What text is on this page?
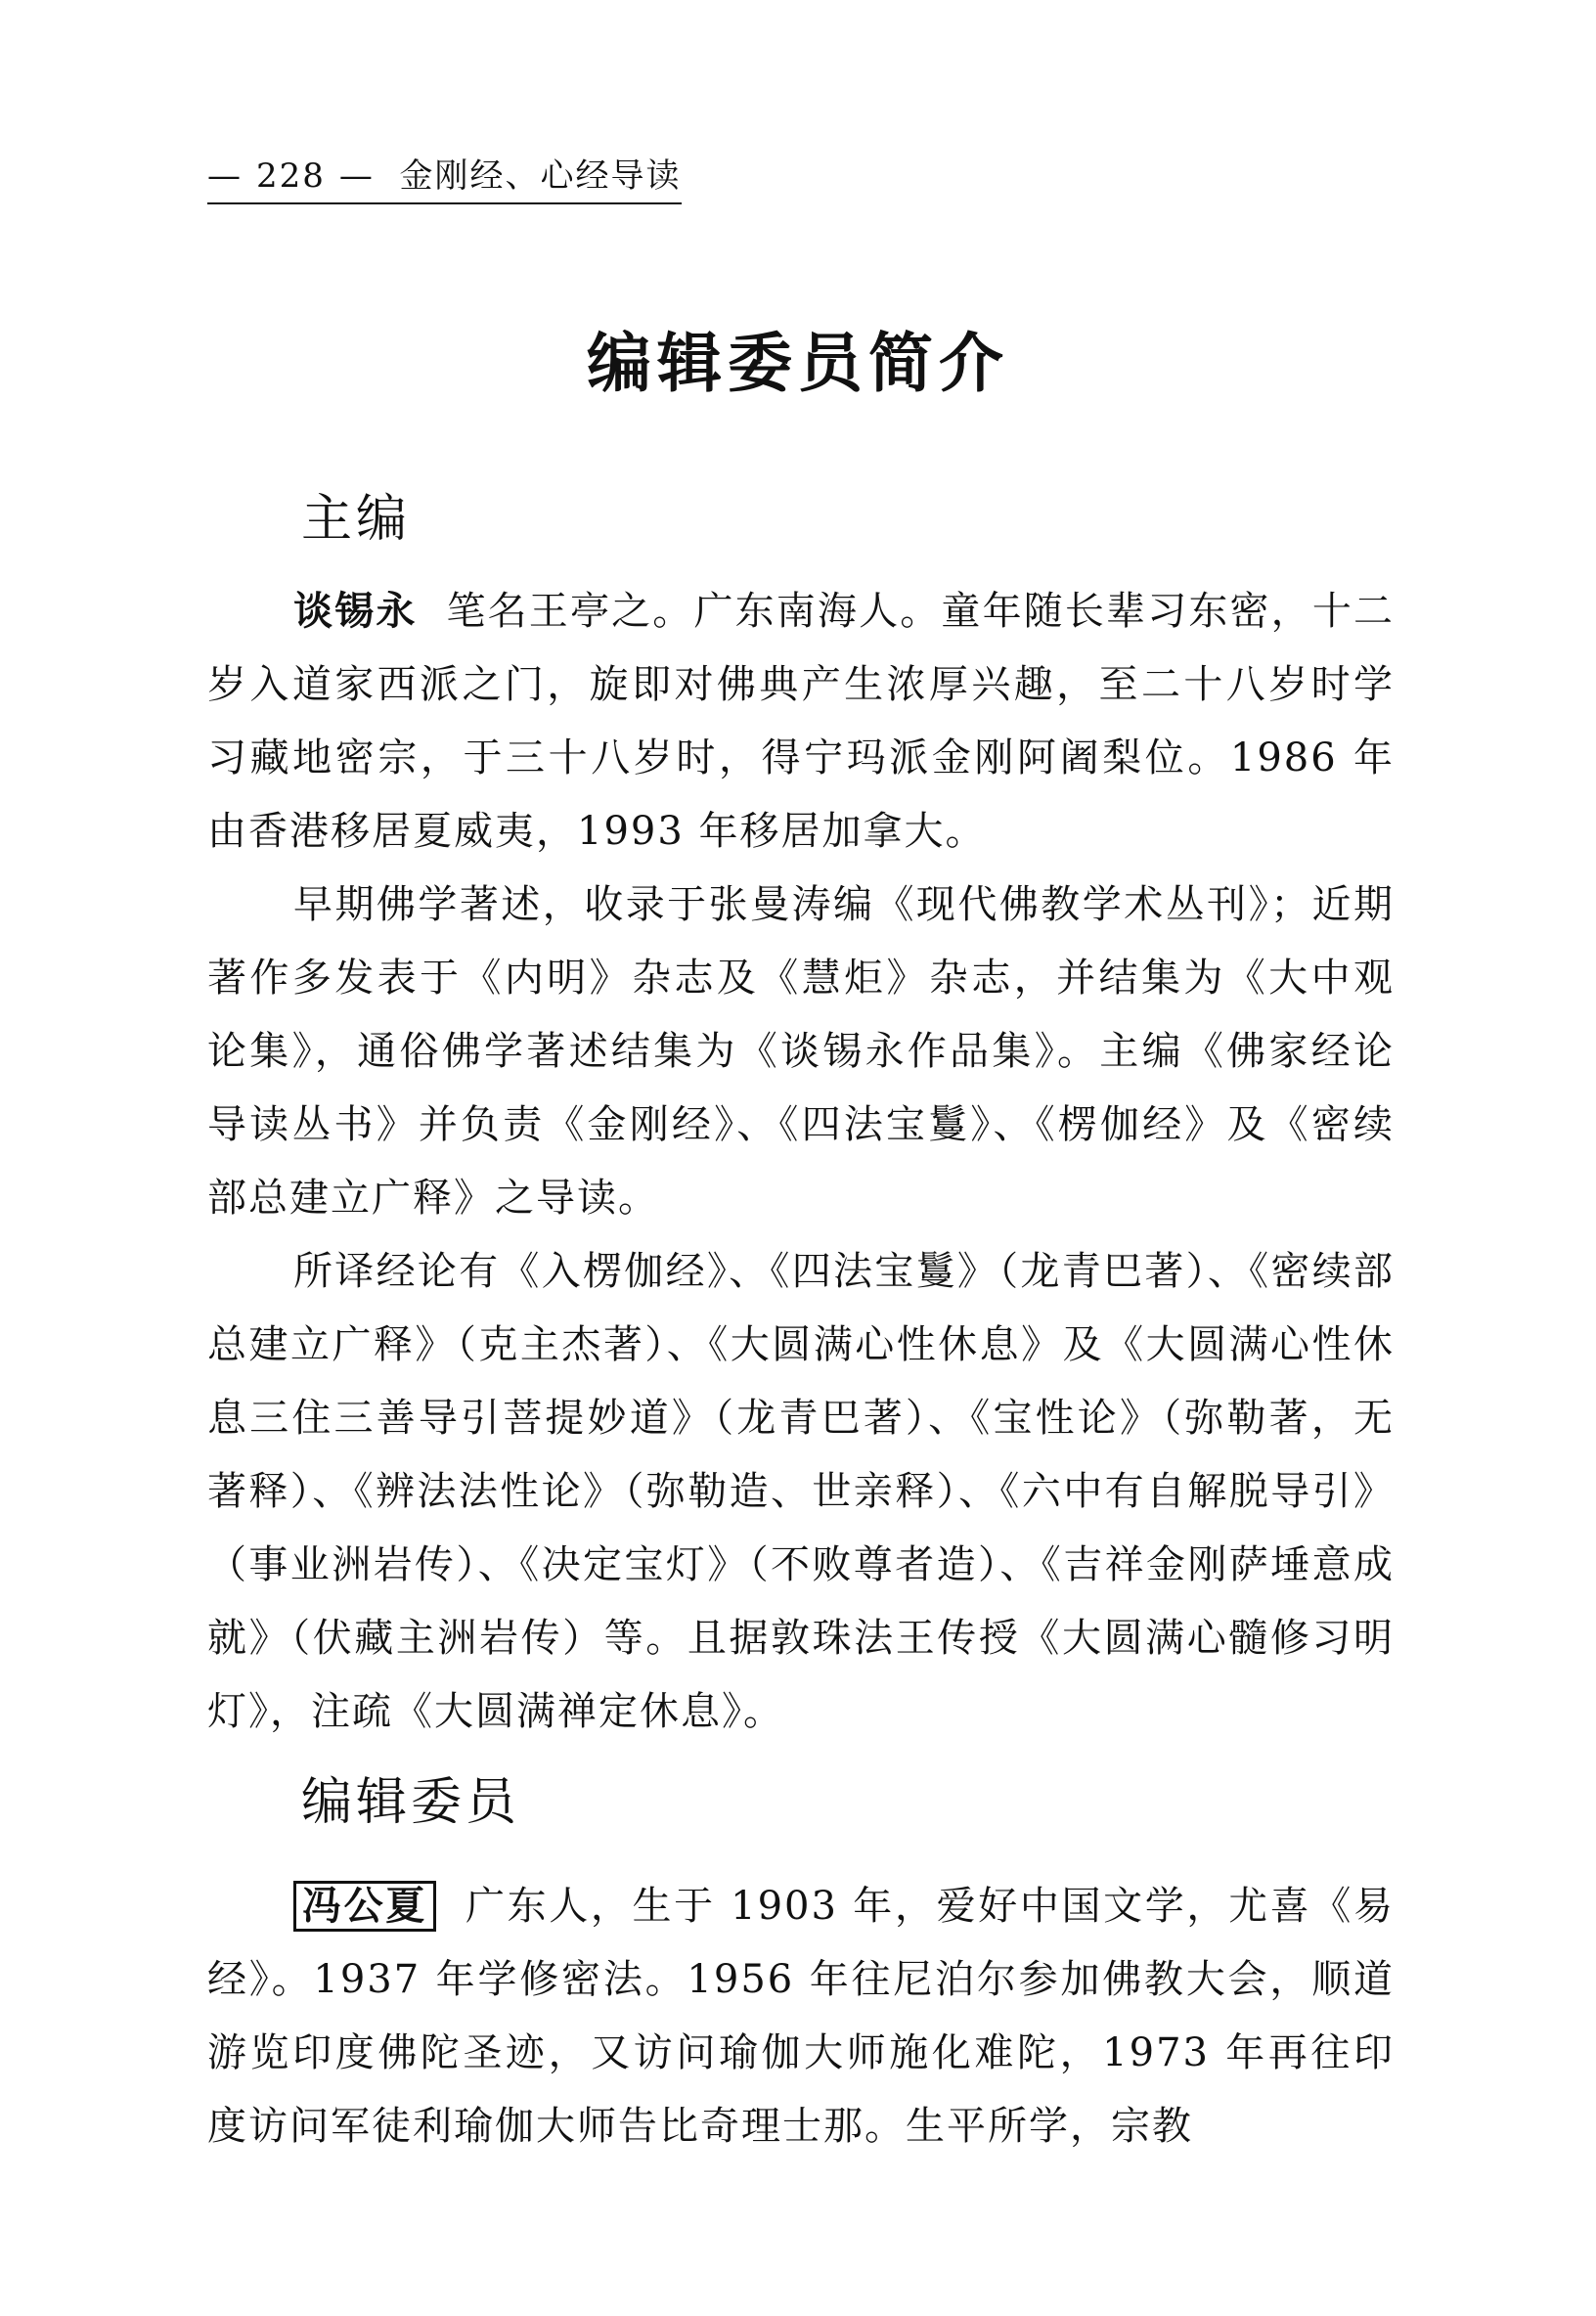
— 228 — 金刚经、心经导读
编辑委员简介
主编

谈锡永 笔名王亭之。广东南海人。童年随长辈习东密，十二岁入道家西派之门，旋即对佛典产生浓厚兴趣，至二十八岁时学习藏地密宗，于三十八岁时，得宁玛派金刚阿阇梨位。1986 年由香港移居夏威夷，1993 年移居加拿大。

早期佛学著述，收录于张曼涛编《现代佛教学术丛刊》；近期著作多发表于《内明》杂志及《慧炬》杂志，并结集为《大中观论集》，通俗佛学著述结集为《谈锡永作品集》。主编《佛家经论导读丛书》并负责《金刚经》、《四法宝鬘》、《楞伽经》及《密续部总建立广释》之导读。

所译经论有《入楞伽经》、《四法宝鬘》（龙青巴著）、《密续部总建立广释》（克主杰著）、《大圆满心性休息》及《大圆满心性休息三住三善导引菩提妙道》（龙青巴著）、《宝性论》（弥勒著，无著释）、《辨法法性论》（弥勒造、世亲释）、《六中有自解脱导引》（事业洲岩传）、《决定宝灯》（不败尊者造）、《吉祥金刚萨埵意成就》（伏藏主洲岩传）等。且据敦珠法王传授《大圆满心髓修习明灯》，注疏《大圆满禅定休息》。

编辑委员

冯公夏 广东人，生于 1903 年，爱好中国文学，尤喜《易经》。1937 年学修密法。1956 年往尼泊尔参加佛教大会，顺道游览印度佛陀圣迹，又访问瑜伽大师施化难陀，1973 年再往印度访问军徒利瑜伽大师告比奇理士那。生平所学，宗教
